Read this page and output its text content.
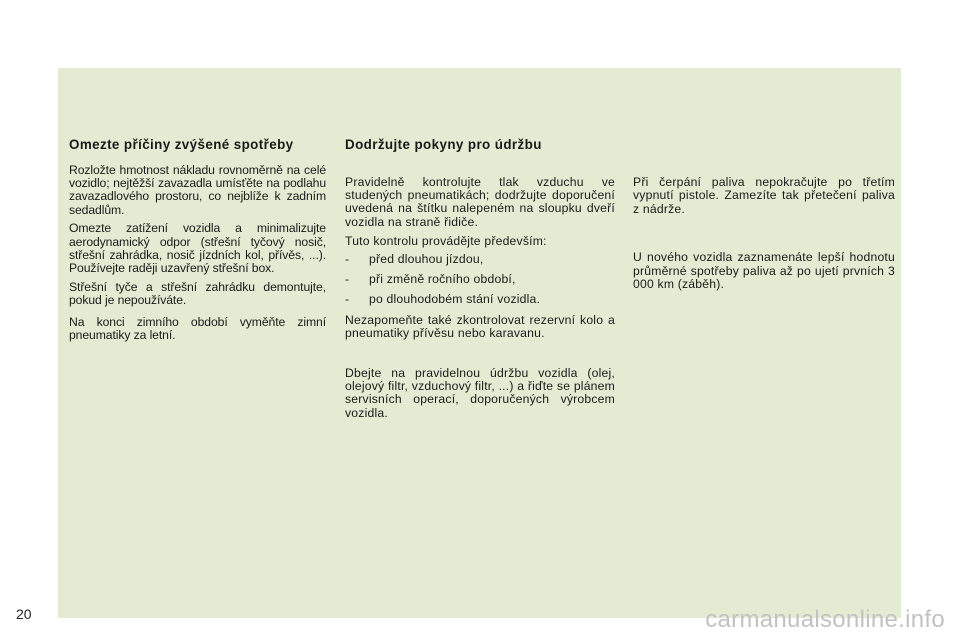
Omezte příčiny zvýšené spotřeby

Rozložte hmotnost nákladu rovnoměrně na celé vozidlo; nejtěžší zavazadla umísťěte na podlahu zavazadlového prostoru, co nejblíže k zadním sedadlům.

Omezte zatížení vozidla a minimalizujte aerodynamický odpor (střešní tyčový nosič, střešní zahrádka, nosič jízdních kol, přívěs, ...). Používejte raději uzavřený střešní box.

Střešní tyče a střešní zahrádku demontujte, pokud je nepoužíváte.

Na konci zimního období vyměňte zimní pneumatiky za letní.

Dodržujte pokyny pro údržbu

Pravidelně kontrolujte tlak vzduchu ve studených pneumatikách; dodržujte doporučení uvedená na štítku nalepeném na sloupku dveří vozidla na straně řidiče.

Tuto kontrolu provádějte především:

- před dlouhou jízdou,
- při změně ročního období,
- po dlouhodobém stání vozidla.

Nezapomeňte také zkontrolovat rezervní kolo a pneumatiky přívěsu nebo karavanu.

Dbejte na pravidelnou údržbu vozidla (olej, olejový filtr, vzduchový filtr, ...) a řiďte se plánem servisních operací, doporučených výrobcem vozidla.

Při čerpání paliva nepokračujte po třetím vypnutí pistole. Zamezíte tak přetečení paliva z nádrže.

U nového vozidla zaznamenáte lepší hodnotu průměrné spotřeby paliva až po ujetí prvních 3 000 km (záběh).

20	carmanualsonline.info
